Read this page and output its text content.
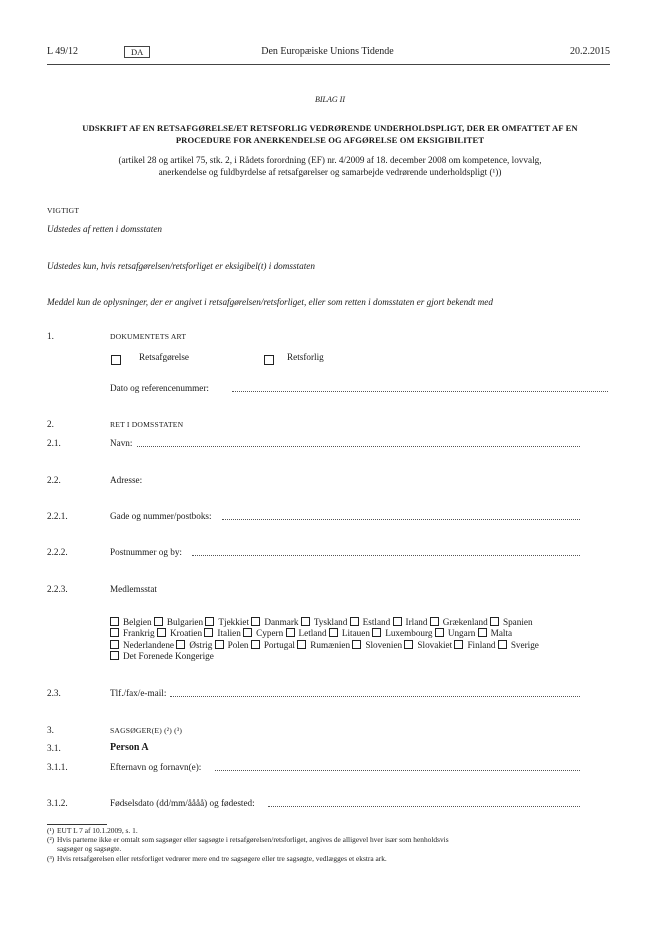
L 49/12	DA	Den Europæiske Unions Tidende	20.2.2015
BILAG II
UDSKRIFT AF EN RETSAFGØRELSE/ET RETSFORLIG VEDRØRENDE UNDERHOLDSPLIGT, DER ER OMFATTET AF EN
PROCEDURE FOR ANERKENDELSE OG AFGØRELSE OM EKSIGIBILITET
(artikel 28 og artikel 75, stk. 2, i Rådets forordning (EF) nr. 4/2009 af 18. december 2008 om kompetence, lovvalg,
anerkendelse og fuldbyrdelse af retsafgørelser og samarbejde vedrørende underholdspligt (¹))
VIGTIGT
Udstedes af retten i domsstaten
Udstedes kun, hvis retsafgørelsen/retsforliget er eksigibel(t) i domsstaten
Meddel kun de oplysninger, der er angivet i retsafgørelsen/retsforliget, eller som retten i domsstaten er gjort bekendt med
1.	DOKUMENTETS ART
Retsafgørelse	Retsforlig
Dato og referencenummer:
2.	RET I DOMSSTATEN
2.1.	Navn:
2.2.	Adresse:
2.2.1.	Gade og nummer/postboks:
2.2.2.	Postnummer og by:
2.2.3.	Medlemsstat
Belgien Bulgarien Tjekkiet Danmark Tyskland Estland Irland Grækenland Spanien
Frankrig Kroatien Italien Cypern Letland Litauen Luxembourg Ungarn Malta
Nederlandene Østrig Polen Portugal Rumænien Slovenien Slovakiet Finland Sverige
Det Forenede Kongerige
2.3.	Tlf./fax/e-mail:
3.	SAGSØGER(E) (²) (³)
3.1.	Person A
3.1.1.	Efternavn og fornavn(e):
3.1.2.	Fødselsdato (dd/mm/åååå) og fødested:
(¹) EUT L 7 af 10.1.2009, s. 1.
(²) Hvis parterne ikke er omtalt som sagsøger eller sagsøgte i retsafgørelsen/retsforliget, angives de alligevel hver især som henholdsvis
sagsøger og sagsøgte.
(³) Hvis retsafgørelsen eller retsforliget vedrører mere end tre sagsøgere eller tre sagsøgte, vedlægges et ekstra ark.
